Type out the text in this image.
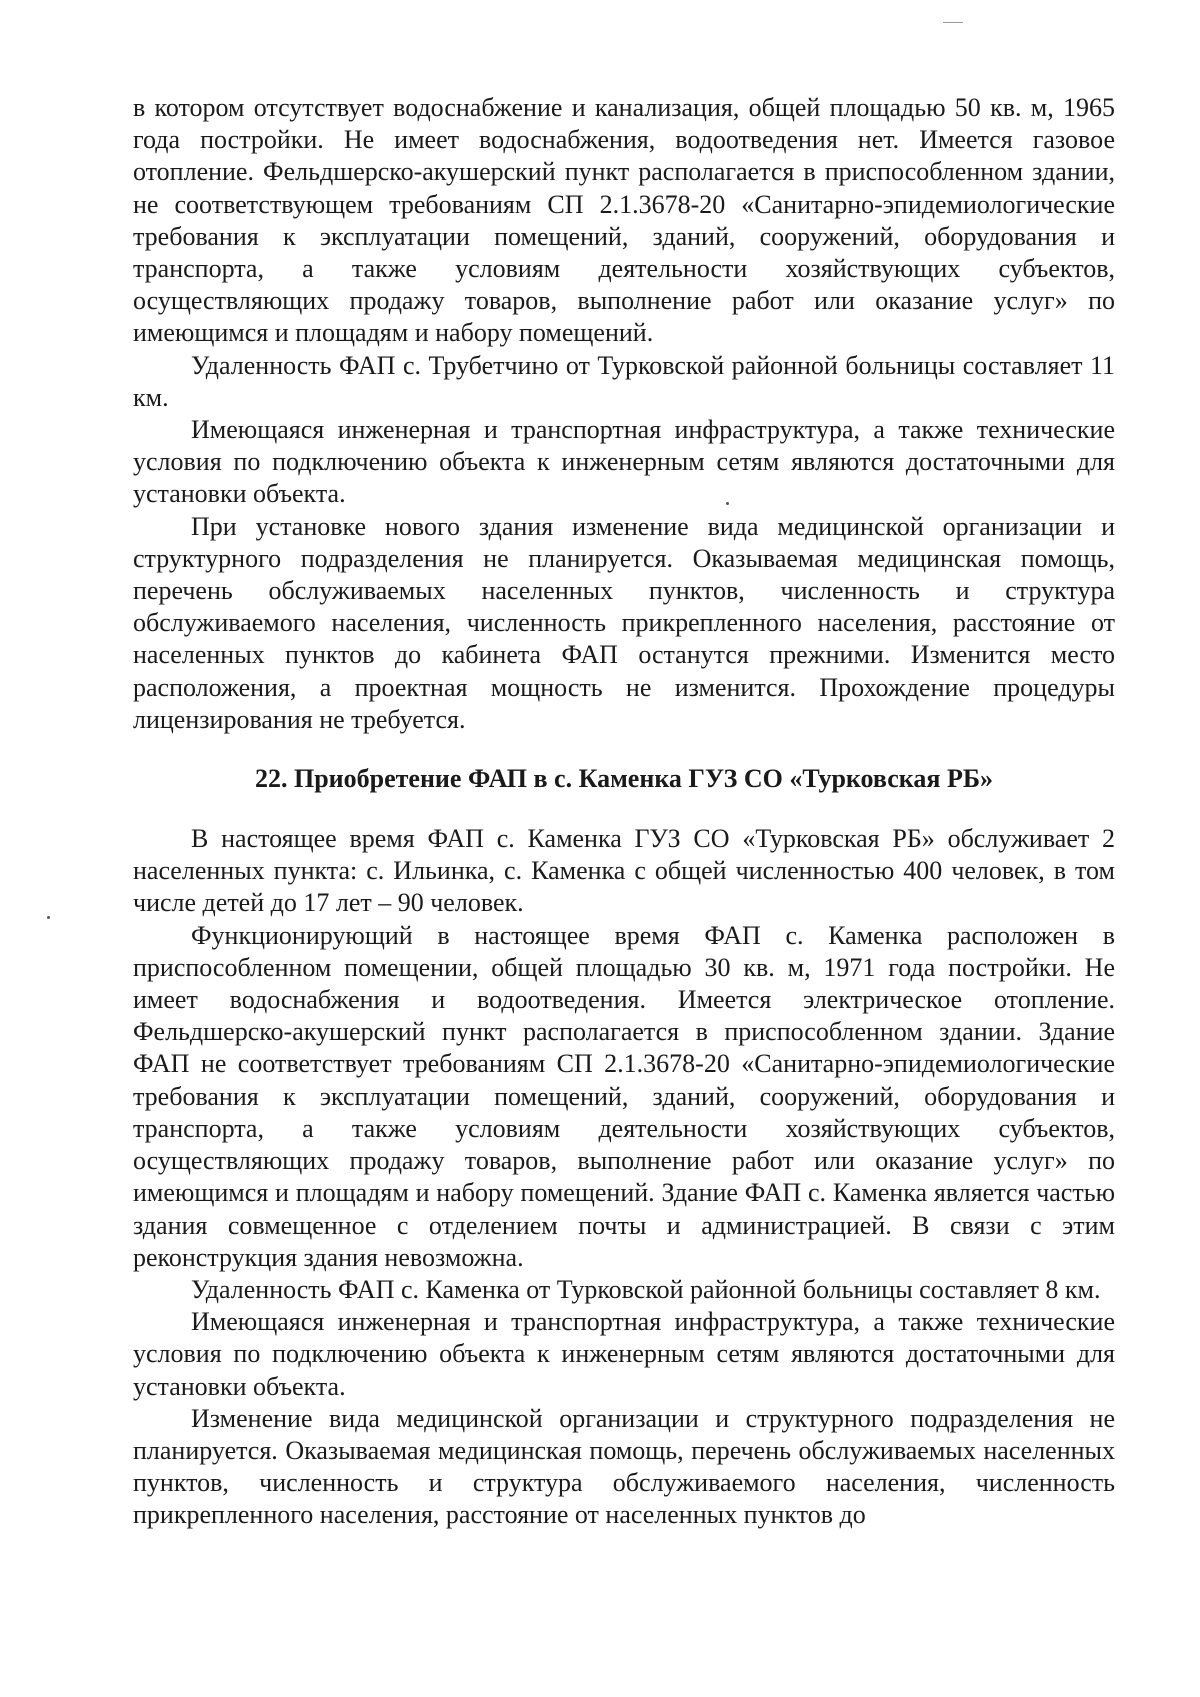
в котором отсутствует водоснабжение и канализация, общей площадью 50 кв. м, 1965 года постройки. Не имеет водоснабжения, водоотведения нет. Имеется газовое отопление. Фельдшерско-акушерский пункт располагается в приспособленном здании, не соответствующем требованиям СП 2.1.3678-20 «Санитарно-эпидемиологические требования к эксплуатации помещений, зданий, сооружений, оборудования и транспорта, а также условиям деятельности хозяйствующих субъектов, осуществляющих продажу товаров, выполнение работ или оказание услуг» по имеющимся и площадям и набору помещений.

Удаленность ФАП с. Трубетчино от Турковской районной больницы составляет 11 км.

Имеющаяся инженерная и транспортная инфраструктура, а также технические условия по подключению объекта к инженерным сетям являются достаточными для установки объекта.

При установке нового здания изменение вида медицинской организации и структурного подразделения не планируется. Оказываемая медицинская помощь, перечень обслуживаемых населенных пунктов, численность и структура обслуживаемого населения, численность прикрепленного населения, расстояние от населенных пунктов до кабинета ФАП останутся прежними. Изменится место расположения, а проектная мощность не изменится. Прохождение процедуры лицензирования не требуется.

22. Приобретение ФАП в с. Каменка ГУЗ СО «Турковская РБ»

В настоящее время ФАП с. Каменка ГУЗ СО «Турковская РБ» обслуживает 2 населенных пункта: с. Ильинка, с. Каменка с общей численностью 400 человек, в том числе детей до 17 лет – 90 человек.

Функционирующий в настоящее время ФАП с. Каменка расположен в приспособленном помещении, общей площадью 30 кв. м, 1971 года постройки. Не имеет водоснабжения и водоотведения. Имеется электрическое отопление. Фельдшерско-акушерский пункт располагается в приспособленном здании. Здание ФАП не соответствует требованиям СП 2.1.3678-20 «Санитарно-эпидемиологические требования к эксплуатации помещений, зданий, сооружений, оборудования и транспорта, а также условиям деятельности хозяйствующих субъектов, осуществляющих продажу товаров, выполнение работ или оказание услуг» по имеющимся и площадям и набору помещений. Здание ФАП с. Каменка является частью здания совмещенное с отделением почты и администрацией. В связи с этим реконструкция здания невозможна.

Удаленность ФАП с. Каменка от Турковской районной больницы составляет 8 км.

Имеющаяся инженерная и транспортная инфраструктура, а также технические условия по подключению объекта к инженерным сетям являются достаточными для установки объекта.

Изменение вида медицинской организации и структурного подразделения не планируется. Оказываемая медицинская помощь, перечень обслуживаемых населенных пунктов, численность и структура обслуживаемого населения, численность прикрепленного населения, расстояние от населенных пунктов до
